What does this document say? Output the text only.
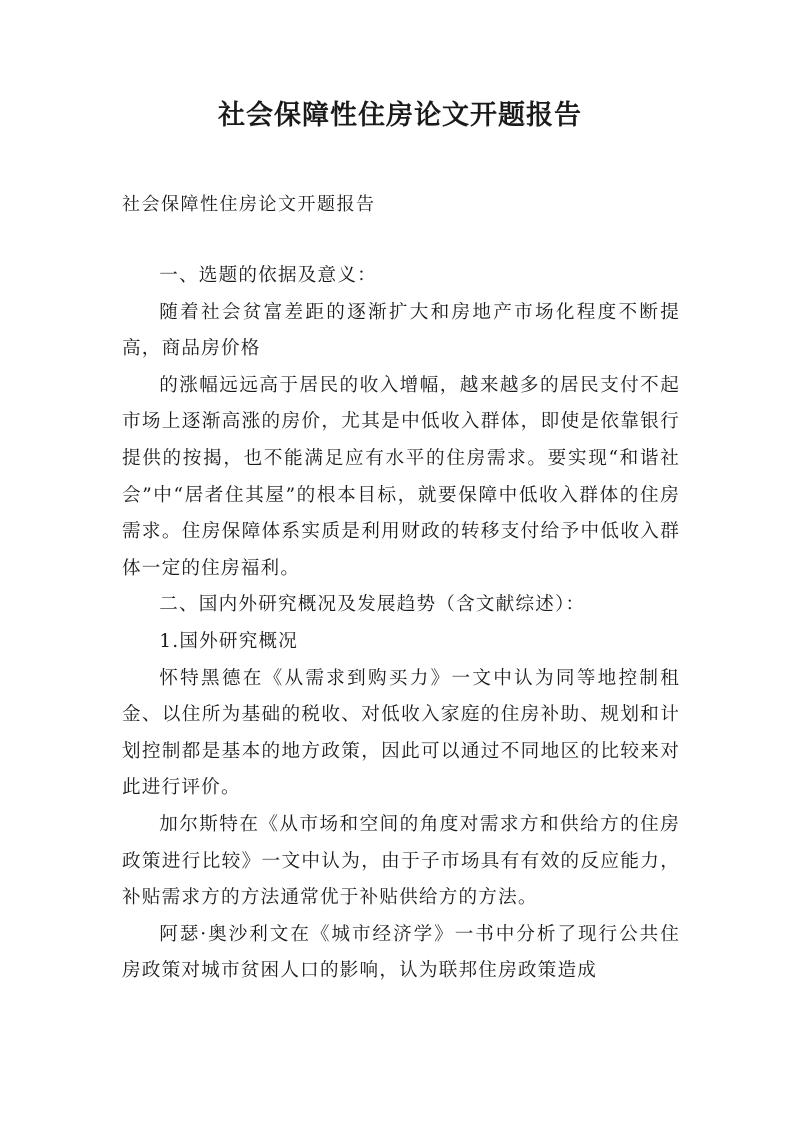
社会保障性住房论文开题报告

社会保障性住房论文开题报告

一、选题的依据及意义：

随着社会贫富差距的逐渐扩大和房地产市场化程度不断提高，商品房价格

的涨幅远远高于居民的收入增幅，越来越多的居民支付不起市场上逐渐高涨的房价，尤其是中低收入群体，即使是依靠银行提供的按揭，也不能满足应有水平的住房需求。要实现“和谐社会”中“居者住其屋”的根本目标，就要保障中低收入群体的住房需求。住房保障体系实质是利用财政的转移支付给予中低收入群体一定的住房福利。

二、国内外研究概况及发展趋势（含文献综述）：

1.国外研究概况

怀特黑德在《从需求到购买力》一文中认为同等地控制租金、以住所为基础的税收、对低收入家庭的住房补助、规划和计划控制都是基本的地方政策，因此可以通过不同地区的比较来对此进行评价。

加尔斯特在《从市场和空间的角度对需求方和供给方的住房政策进行比较》一文中认为，由于子市场具有有效的反应能力，补贴需求方的方法通常优于补贴供给方的方法。

阿瑟·奥沙利文在《城市经济学》一书中分析了现行公共住房政策对城市贫困人口的影响，认为联邦住房政策造成
